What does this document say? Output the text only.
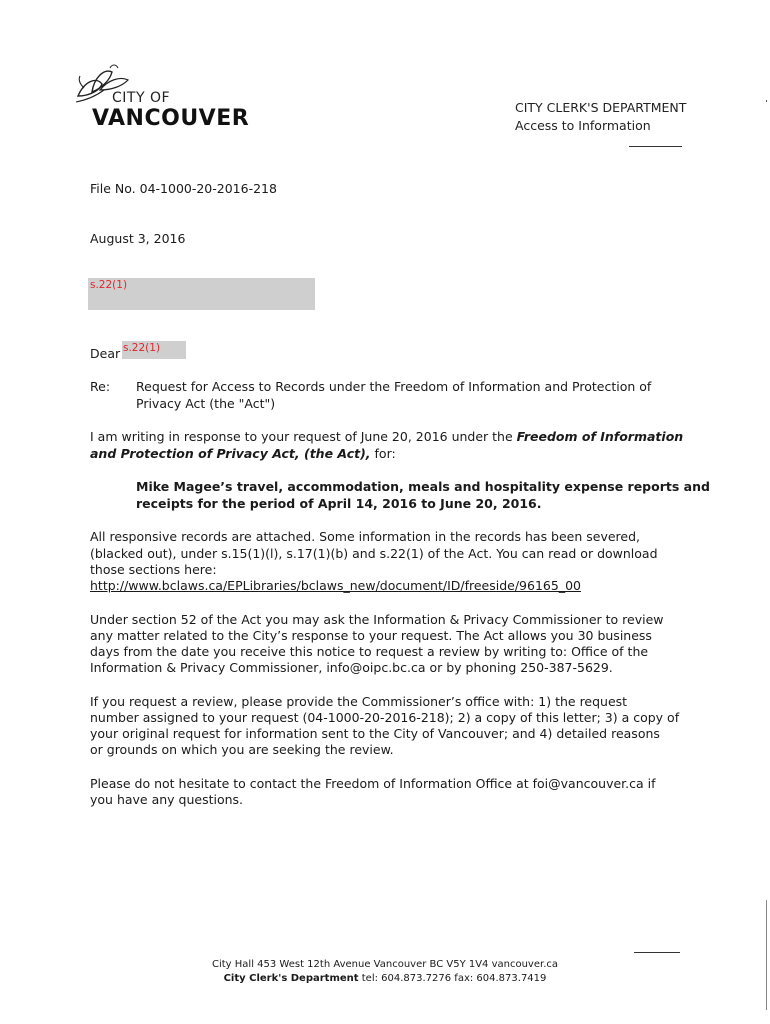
CITY OF
VANCOUVER	CITY CLERK'S DEPARTMENT
Access to Information
File No. 04-1000-20-2016-218
August 3, 2016
s.22(1)
Dear s.22(1)
Re: Request for Access to Records under the Freedom of Information and Protection of
Privacy Act (the "Act")
I am writing in response to your request of June 20, 2016 under the Freedom of Information
and Protection of Privacy Act, (the Act), for:
Mike Magee’s travel, accommodation, meals and hospitality expense reports and
receipts for the period of April 14, 2016 to June 20, 2016.
All responsive records are attached. Some information in the records has been severed,
(blacked out), under s.15(1)(l), s.17(1)(b) and s.22(1) of the Act. You can read or download
those sections here:
http://www.bclaws.ca/EPLibraries/bclaws_new/document/ID/freeside/96165_00
Under section 52 of the Act you may ask the Information & Privacy Commissioner to review
any matter related to the City’s response to your request. The Act allows you 30 business
days from the date you receive this notice to request a review by writing to: Office of the
Information & Privacy Commissioner, info@oipc.bc.ca or by phoning 250-387-5629.
If you request a review, please provide the Commissioner’s office with: 1) the request
number assigned to your request (04-1000-20-2016-218); 2) a copy of this letter; 3) a copy of
your original request for information sent to the City of Vancouver; and 4) detailed reasons
or grounds on which you are seeking the review.
Please do not hesitate to contact the Freedom of Information Office at foi@vancouver.ca if
you have any questions.
City Hall 453 West 12th Avenue Vancouver BC V5Y 1V4 vancouver.ca
City Clerk's Department tel: 604.873.7276 fax: 604.873.7419
